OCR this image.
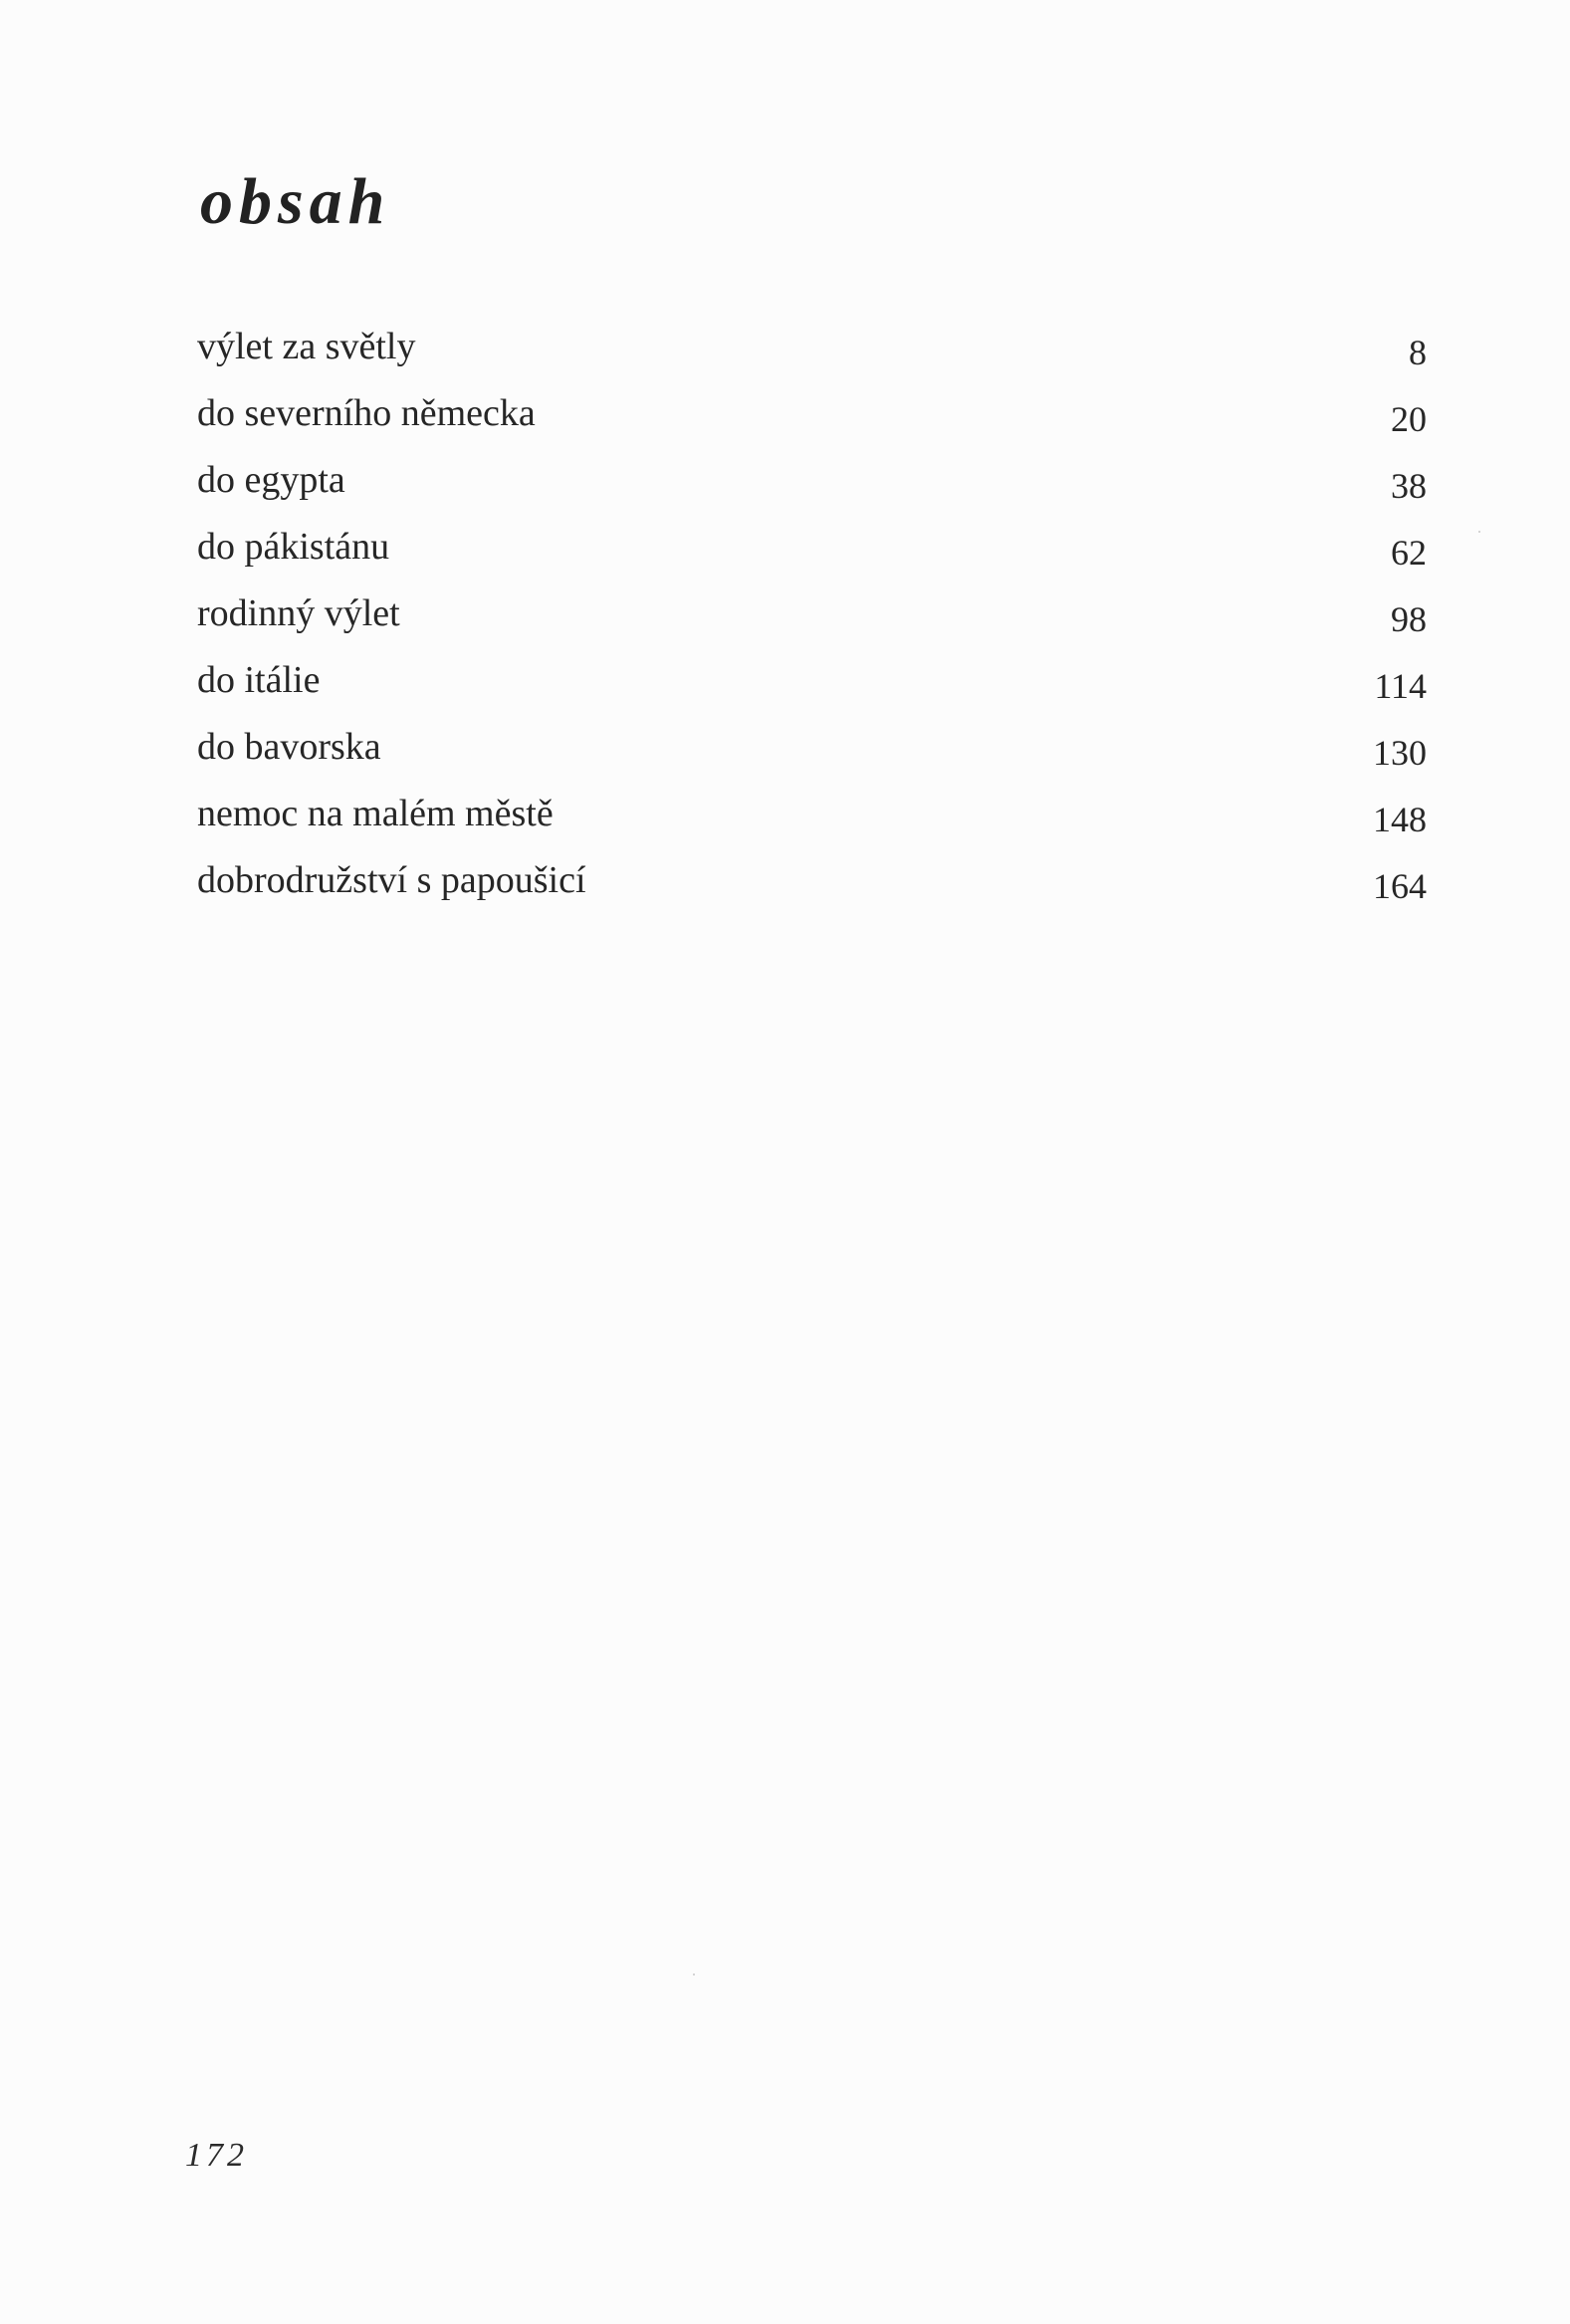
obsah
výlet za světly	8
do severního německa	20
do egypta	38
do pákistánu	62
rodinný výlet	98
do itálie	114
do bavorska	130
nemoc na malém městě	148
dobrodružství s papoušicí	164
172
